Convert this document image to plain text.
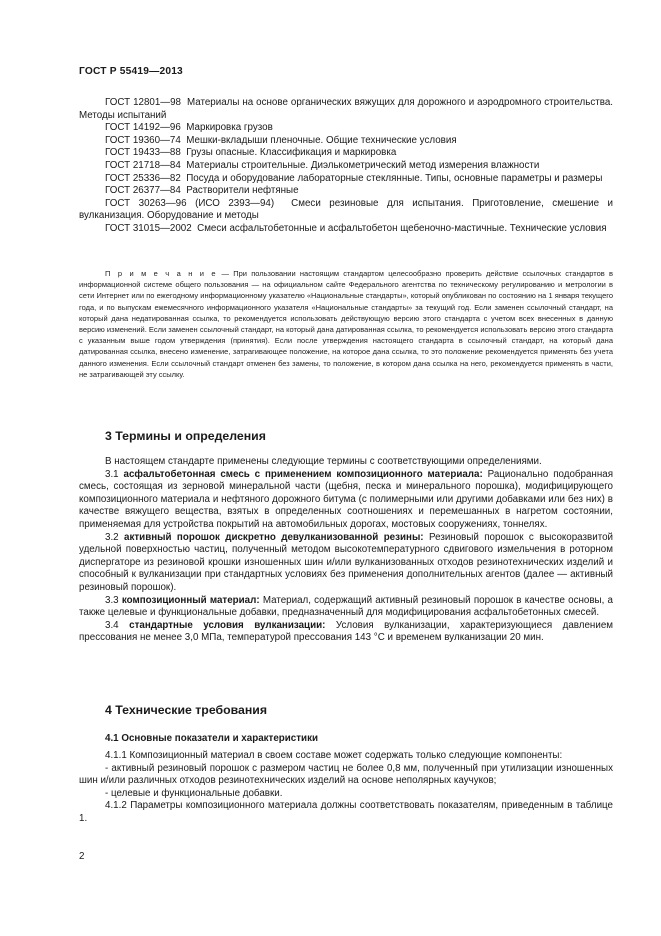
ГОСТ Р 55419—2013

ГОСТ 12801—98 Материалы на основе органических вяжущих для дорожного и аэродромного строительства. Методы испытаний

ГОСТ 14192—96 Маркировка грузов

ГОСТ 19360—74 Мешки-вкладыши пленочные. Общие технические условия

ГОСТ 19433—88 Грузы опасные. Классификация и маркировка

ГОСТ 21718—84 Материалы строительные. Диэлькометрический метод измерения влажности

ГОСТ 25336—82 Посуда и оборудование лабораторные стеклянные. Типы, основные параметры и размеры

ГОСТ 26377—84 Растворители нефтяные

ГОСТ 30263—96 (ИСО 2393—94) Смеси резиновые для испытания. Приготовление, смешение и вулканизация. Оборудование и методы

ГОСТ 31015—2002 Смеси асфальтобетонные и асфальтобетон щебеночно-мастичные. Технические условия

П р и м е ч а н и е — При пользовании настоящим стандартом целесообразно проверить действие ссылочных стандартов в информационной системе общего пользования — на официальном сайте Федерального агентства по техническому регулированию и метрологии в сети Интернет или по ежегодному информационному указателю «Национальные стандарты», который опубликован по состоянию на 1 января текущего года, и по выпускам ежемесячного информационного указателя «Национальные стандарты» за текущий год. Если заменен ссылочный стандарт, на который дана недатированная ссылка, то рекомендуется использовать действующую версию этого стандарта с учетом всех внесенных в данную версию изменений. Если заменен ссылочный стандарт, на который дана датированная ссылка, то рекомендуется использовать версию этого стандарта с указанным выше годом утверждения (принятия). Если после утверждения настоящего стандарта в ссылочный стандарт, на который дана датированная ссылка, внесено изменение, затрагивающее положение, на которое дана ссылка, то это положение рекомендуется применять без учета данного изменения. Если ссылочный стандарт отменен без замены, то положение, в котором дана ссылка на него, рекомендуется применять в части, не затрагивающей эту ссылку.

3 Термины и определения

В настоящем стандарте применены следующие термины с соответствующими определениями.

3.1 асфальтобетонная смесь с применением композиционного материала: Рационально подобранная смесь, состоящая из зерновой минеральной части (щебня, песка и минерального порошка), модифицирующего композиционного материала и нефтяного дорожного битума (с полимерными или другими добавками или без них) в качестве вяжущего вещества, взятых в определенных соотношениях и перемешанных в нагретом состоянии, применяемая для устройства покрытий на автомобильных дорогах, мостовых сооружениях, тоннелях.

3.2 активный порошок дискретно девулканизованной резины: Резиновый порошок с высокоразвитой удельной поверхностью частиц, полученный методом высокотемпературного сдвигового измельчения в роторном диспергаторе из резиновой крошки изношенных шин и/или вулканизованных отходов резинотехнических изделий и способный к вулканизации при стандартных условиях без применения дополнительных агентов (далее — активный резиновый порошок).

3.3 композиционный материал: Материал, содержащий активный резиновый порошок в качестве основы, а также целевые и функциональные добавки, предназначенный для модифицирования асфальтобетонных смесей.

3.4 стандартные условия вулканизации: Условия вулканизации, характеризующиеся давлением прессования не менее 3,0 МПа, температурой прессования 143 °С и временем вулканизации 20 мин.

4 Технические требования

4.1 Основные показатели и характеристики

4.1.1 Композиционный материал в своем составе может содержать только следующие компоненты:

- активный резиновый порошок с размером частиц не более 0,8 мм, полученный при утилизации изношенных шин и/или различных отходов резинотехнических изделий на основе неполярных каучуков;

- целевые и функциональные добавки.

4.1.2 Параметры композиционного материала должны соответствовать показателям, приведенным в таблице 1.

2
